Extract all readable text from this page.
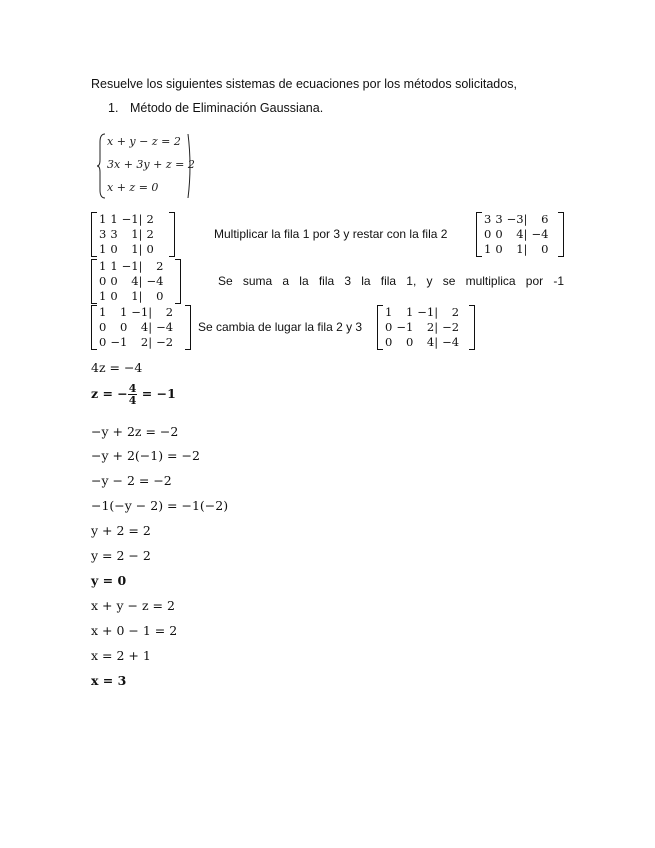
Resuelve los siguientes sistemas de ecuaciones por los métodos solicitados,
1. Método de Eliminación Gaussiana.
x + y − z = 2
3x + 3y + z = 2
x + z = 0
1	1	−1|	2
3	3	1|	2
1	0	1|	0
Multiplicar la fila 1 por 3 y restar con la fila 2
3	3	−3|	6
0	0	4|	−4
1	0	1|	0
1	1	−1|	2
0	0	4|	−4
1	0	1|	0
Se suma a la fila 3 la fila 1, y se multiplica por -1
1	1	−1|	2
0	0	4|	−4
0	−1	2|	−2
Se cambia de lugar la fila 2 y 3
1	1	−1|	2
0	−1	2|	−2
0	0	4|	−4
4z = −4
z = − $\frac{4}{4} = -1$
−y + 2z = −2
−y + 2(−1) = −2
−y − 2 = −2
−1(−y − 2) = −1(−2)
y + 2 = 2
y = 2 − 2
y = 0
x + y − z = 2
x + 0 − 1 = 2
x = 2 + 1
x = 3
